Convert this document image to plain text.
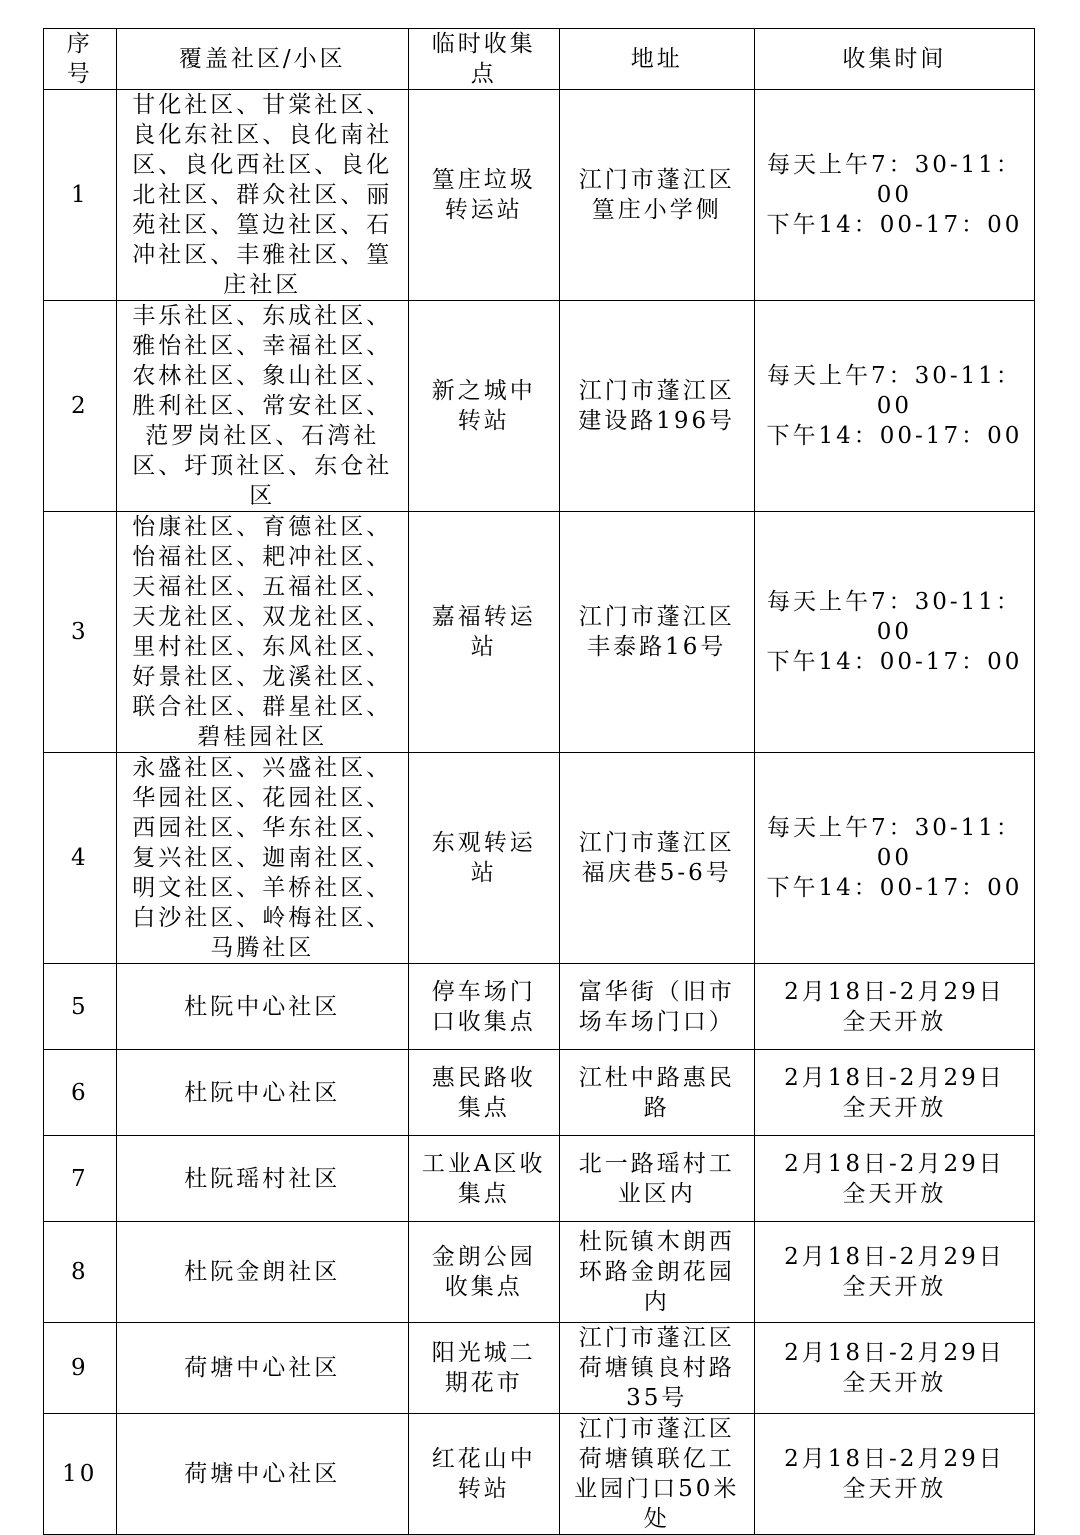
序号	覆盖社区/小区	临时收集点	地址	收集时间
1	甘化社区、甘棠社区、良化东社区、良化南社区、良化西社区、良化北社区、群众社区、丽苑社区、篁边社区、石冲社区、丰雅社区、篁庄社区	篁庄垃圾转运站	江门市蓬江区篁庄小学侧	每天上午7：30-11：00
下午14：00-17：00

2	丰乐社区、东成社区、雅怡社区、幸福社区、农林社区、象山社区、胜利社区、常安社区、范罗岗社区、石湾社区、圩顶社区、东仓社区	新之城中转站	江门市蓬江区建设路196号	每天上午7：30-11：00
下午14：00-17：00

3	怡康社区、育德社区、怡福社区、耙冲社区、天福社区、五福社区、天龙社区、双龙社区、里村社区、东风社区、好景社区、龙溪社区、联合社区、群星社区、碧桂园社区	嘉福转运站	江门市蓬江区丰泰路16号	每天上午7：30-11：00
下午14：00-17：00

4	永盛社区、兴盛社区、华园社区、花园社区、西园社区、华东社区、复兴社区、迦南社区、明文社区、羊桥社区、白沙社区、岭梅社区、马腾社区	东观转运站	江门市蓬江区福庆巷5-6号	每天上午7：30-11：00
下午14：00-17：00

5	杜阮中心社区	停车场门口收集点	富华街（旧市场车场门口）	2月18日-2月29日
全天开放

6	杜阮中心社区	惠民路收集点	江杜中路惠民路	2月18日-2月29日
全天开放

7	杜阮瑶村社区	工业A区收集点	北一路瑶村工业区内	2月18日-2月29日
全天开放

8	杜阮金朗社区	金朗公园收集点	杜阮镇木朗西环路金朗花园内	2月18日-2月29日
全天开放

9	荷塘中心社区	阳光城二期花市	江门市蓬江区荷塘镇良村路35号	2月18日-2月29日
全天开放

10	荷塘中心社区	红花山中转站	江门市蓬江区荷塘镇联亿工业园门口50米处	2月18日-2月29日
全天开放
